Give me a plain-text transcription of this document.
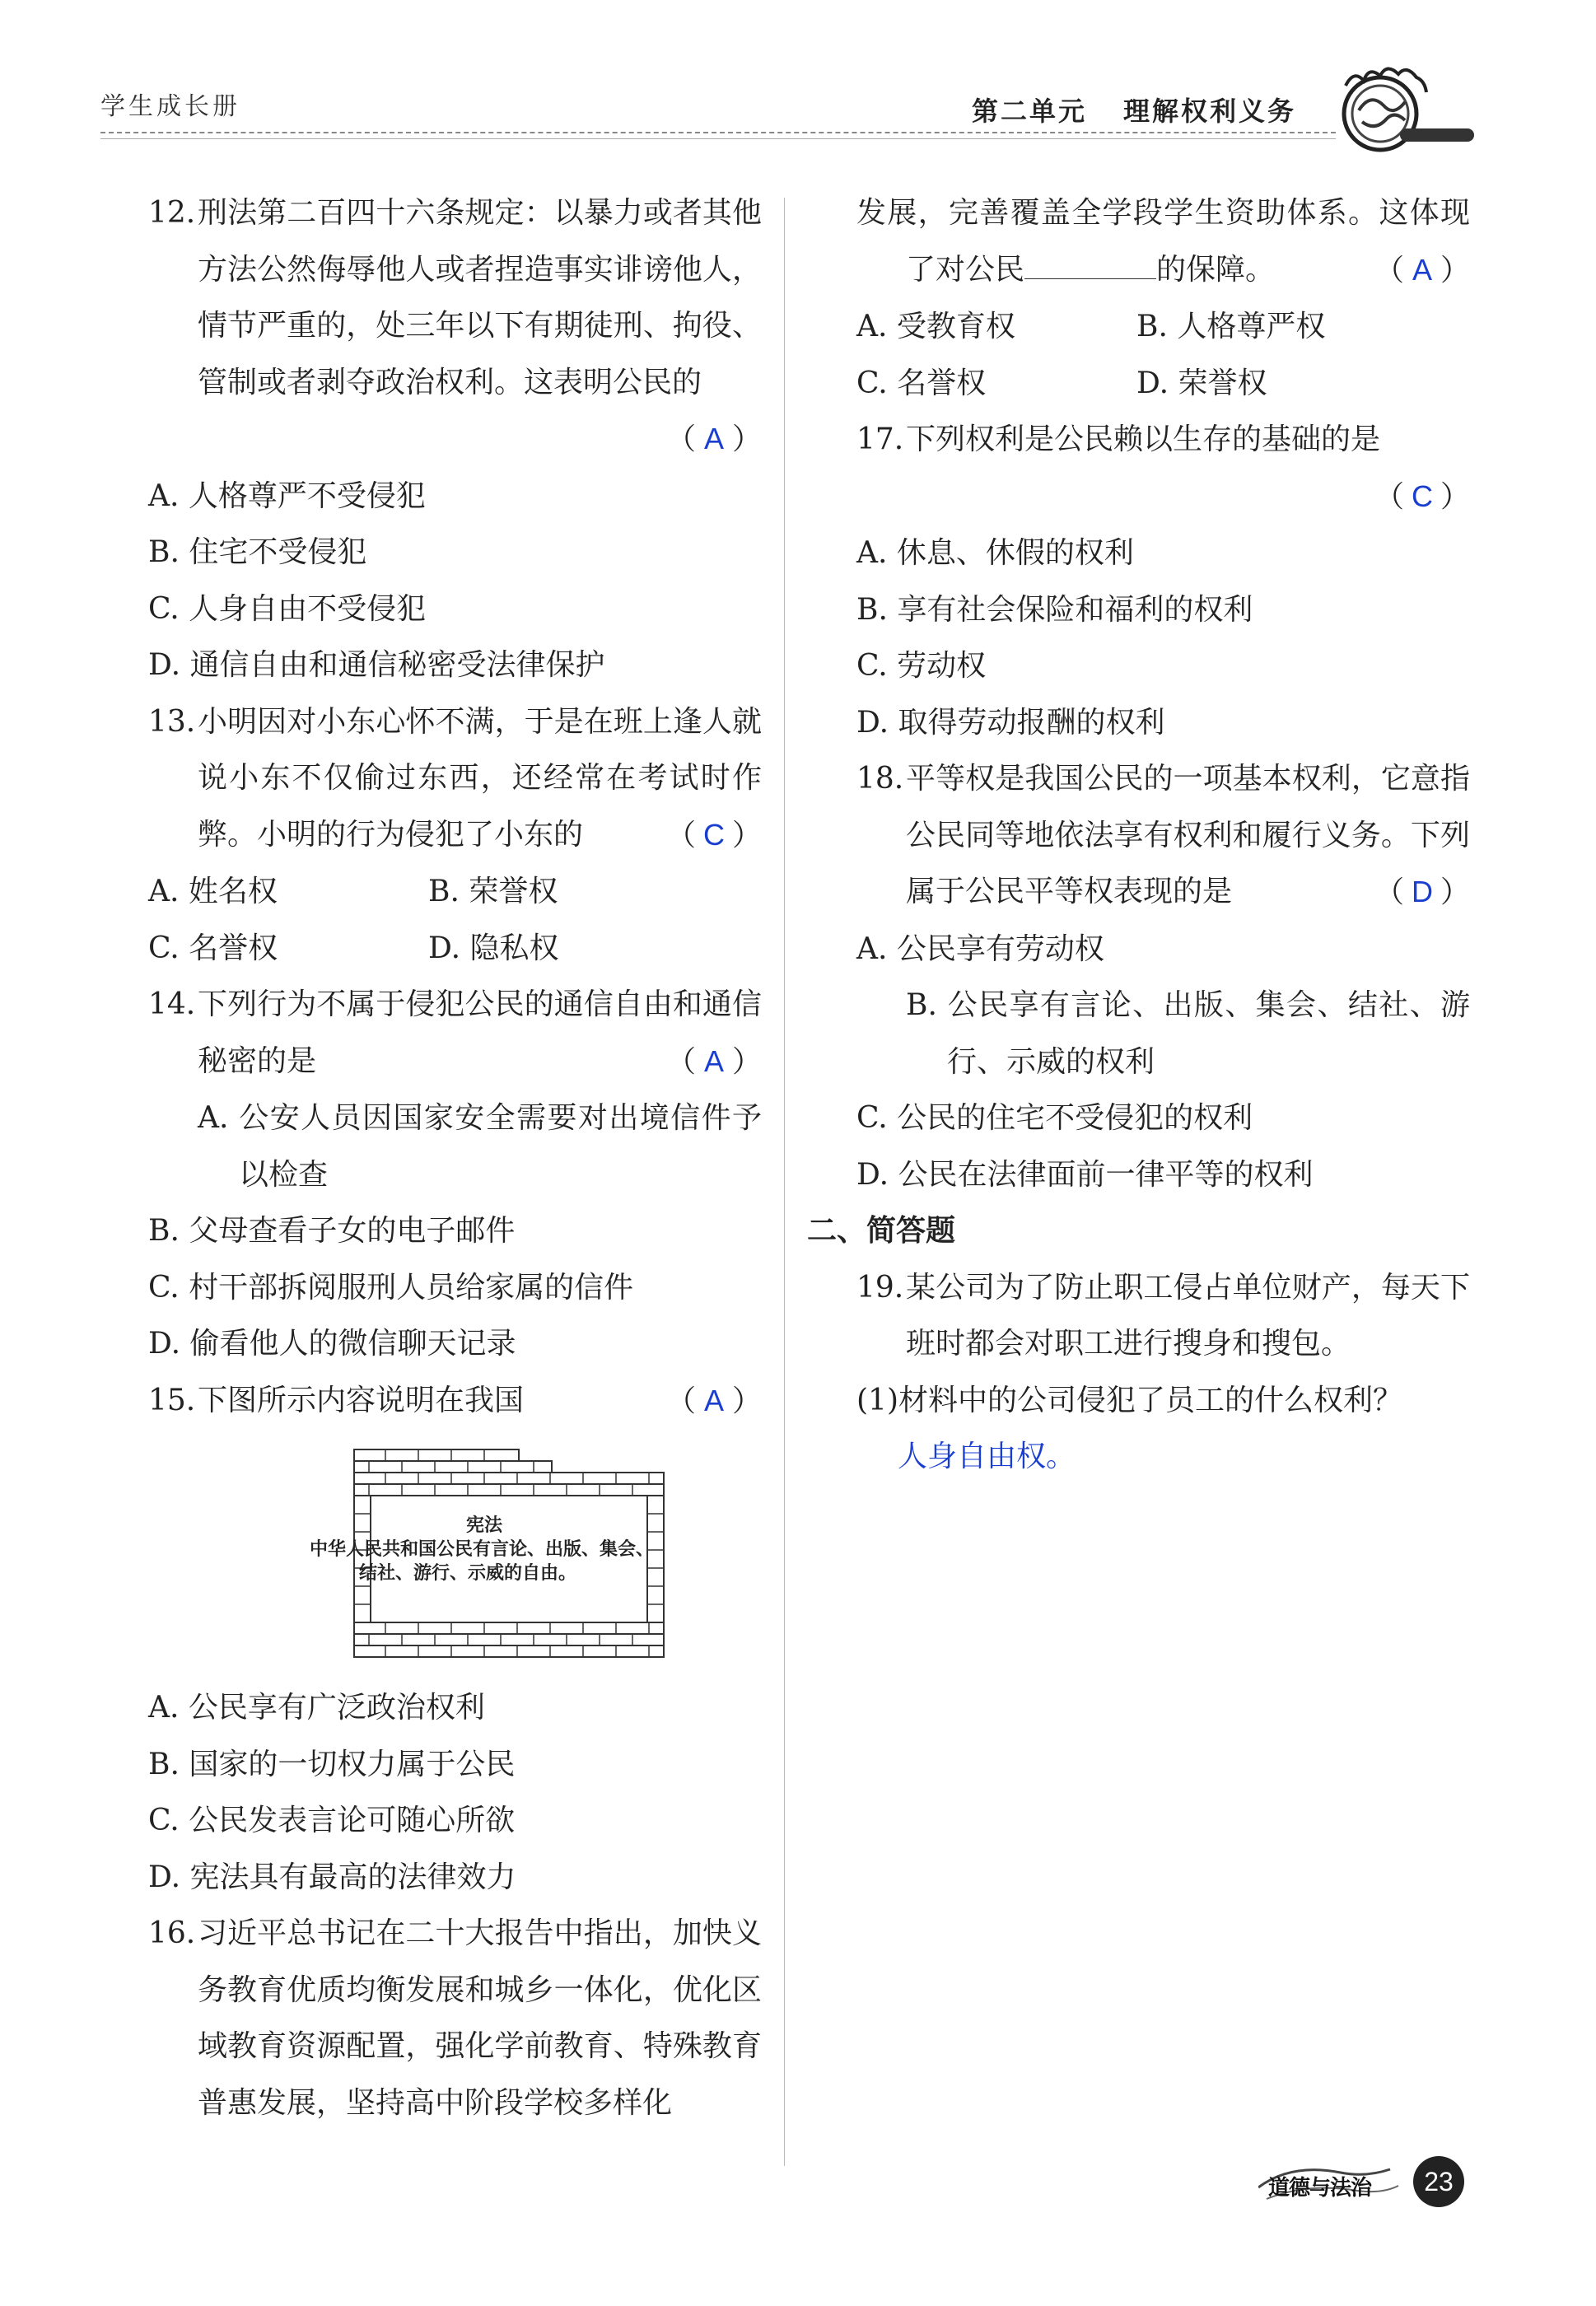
学生成长册	第二单元 理解权利义务
12.刑法第二百四十六条规定：以暴力或者其他方法公然侮辱他人或者捏造事实诽谤他人，情节严重的，处三年以下有期徒刑、拘役、管制或者剥夺政治权利。这表明公民的
（ A ）
A. 人格尊严不受侵犯
B. 住宅不受侵犯
C. 人身自由不受侵犯
D. 通信自由和通信秘密受法律保护
13.小明因对小东心怀不满，于是在班上逢人就说小东不仅偷过东西，还经常在考试时作弊。小明的行为侵犯了小东的	（ C ）
A. 姓名权	B. 荣誉权
C. 名誉权	D. 隐私权
14.下列行为不属于侵犯公民的通信自由和通信秘密的是	（ A ）
A. 公安人员因国家安全需要对出境信件予以检查
B. 父母查看子女的电子邮件
C. 村干部拆阅服刑人员给家属的信件
D. 偷看他人的微信聊天记录
15.下图所示内容说明在我国	（ A ）
宪法
中华人民共和国公民有言论、出版、集会、结社、游行、示威的自由。
A. 公民享有广泛政治权利
B. 国家的一切权力属于公民
C. 公民发表言论可随心所欲
D. 宪法具有最高的法律效力
16.习近平总书记在二十大报告中指出，加快义务教育优质均衡发展和城乡一体化，优化区域教育资源配置，强化学前教育、特殊教育普惠发展，坚持高中阶段学校多样化
发展，完善覆盖全学段学生资助体系。这体现了对公民	的保障。	（ A ）
A. 受教育权	B. 人格尊严权
C. 名誉权	D. 荣誉权
17.下列权利是公民赖以生存的基础的是
（ C ）
A. 休息、休假的权利
B. 享有社会保险和福利的权利
C. 劳动权
D. 取得劳动报酬的权利
18.平等权是我国公民的一项基本权利，它意指公民同等地依法享有权利和履行义务。下列属于公民平等权表现的是	（ D ）
A. 公民享有劳动权
B. 公民享有言论、出版、集会、结社、游行、示威的权利
C. 公民的住宅不受侵犯的权利
D. 公民在法律面前一律平等的权利
二、简答题
19.某公司为了防止职工侵占单位财产，每天下班时都会对职工进行搜身和搜包。
(1)材料中的公司侵犯了员工的什么权利？
人身自由权。
道德与法治	23
